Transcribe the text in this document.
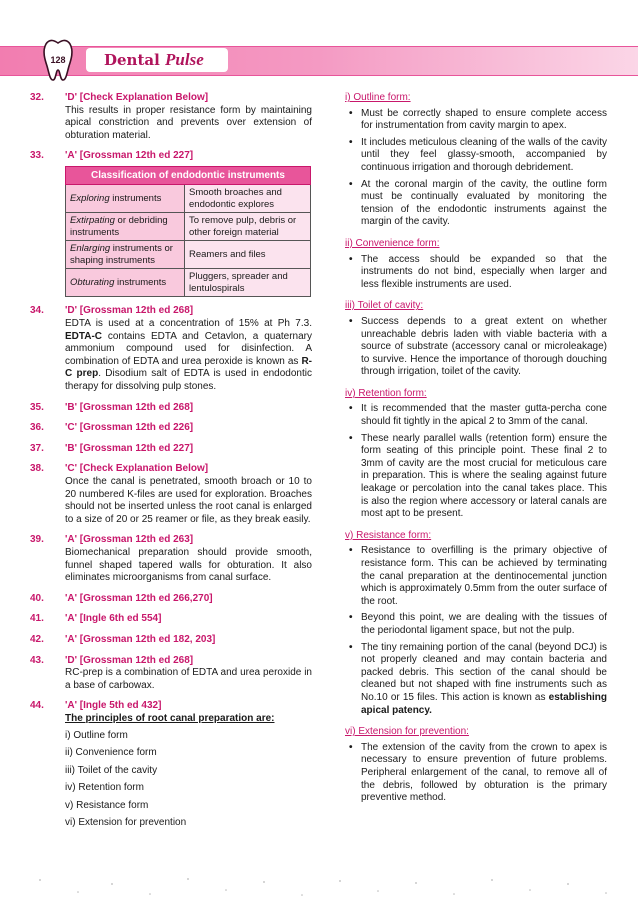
128	Dental Pulse
32.	'D' [Check Explanation Below]
This results in proper resistance form by maintaining apical constriction and prevents over extension of obturation material.
33.	'A' [Grossman 12th ed 227]
Classification of endodontic instruments	
Exploring instruments	Smooth broaches and endodontic explores
Extirpating or debriding instruments	To remove pulp, debris or other foreign material
Enlarging instruments or shaping instruments	Reamers and files
Obturating instruments	Pluggers, spreader and lentulospirals
34.	'D' [Grossman 12th ed 268]
EDTA is used at a concentration of 15% at Ph 7.3. EDTA-C contains EDTA and Cetavlon, a quaternary ammonium compound used for disinfection. A combination of EDTA and urea peroxide is known as R-C prep. Disodium salt of EDTA is used in endodontic therapy for dissolving pulp stones.
35.	'B' [Grossman 12th ed 268]
36.	'C' [Grossman 12th ed 226]
37.	'B' [Grossman 12th ed 227]
38.	'C' [Check Explanation Below]
Once the canal is penetrated, smooth broach or 10 to 20 numbered K-files are used for exploration. Broaches should not be inserted unless the root canal is enlarged to a size of 20 or 25 reamer or file, as they break easily.
39.	'A' [Grossman 12th ed 263]
Biomechanical preparation should provide smooth, funnel shaped tapered walls for obturation. It also eliminates microorganisms from canal surface.
40.	'A' [Grossman 12th ed 266,270]
41.	'A' [Ingle 6th ed 554]
42.	'A' [Grossman 12th ed 182, 203]
43.	'D' [Grossman 12th ed 268]
RC-prep is a combination of EDTA and urea peroxide in a base of carbowax.
44.	'A' [Ingle 5th ed 432]
The principles of root canal preparation are:
i) Outline form
ii) Convenience form
iii) Toilet of the cavity
iv) Retention form
v) Resistance form
vi) Extension for prevention
i) Outline form:
• Must be correctly shaped to ensure complete access for instrumentation from cavity margin to apex.
• It includes meticulous cleaning of the walls of the cavity until they feel glassy-smooth, accompanied by continuous irrigation and thorough debridement.
• At the coronal margin of the cavity, the outline form must be continually evaluated by monitoring the tension of the endodontic instruments against the margin of the cavity.
ii) Convenience form:
• The access should be expanded so that the instruments do not bind, especially when larger and less flexible instruments are used.
iii) Toilet of cavity:
• Success depends to a great extent on whether unreachable debris laden with viable bacteria with a source of substrate (accessory canal or microleakage) to survive. Hence the importance of thorough douching through irrigation, toilet of the cavity.
iv) Retention form:
• It is recommended that the master gutta-percha cone should fit tightly in the apical 2 to 3mm of the canal.
• These nearly parallel walls (retention form) ensure the form seating of this principle point. These final 2 to 3mm of cavity are the most crucial for meticulous care in preparation. This is where the sealing against future leakage or percolation into the canal takes place. This is also the region where accessory or lateral canals are most apt to be present.
v) Resistance form:
• Resistance to overfilling is the primary objective of resistance form. This can be achieved by terminating the canal preparation at the dentinocemental junction which is approximately 0.5mm from the outer surface of the root.
• Beyond this point, we are dealing with the tissues of the periodontal ligament space, but not the pulp.
• The tiny remaining portion of the canal (beyond DCJ) is not properly cleaned and may contain bacteria and packed debris. This section of the canal should be cleaned but not shaped with fine instruments such as No.10 or 15 files. This action is known as establishing apical patency.
vi) Extension for prevention:
• The extension of the cavity from the crown to apex is necessary to ensure prevention of future problems. Peripheral enlargement of the canal, to remove all of the debris, followed by obturation is the primary preventive method.
